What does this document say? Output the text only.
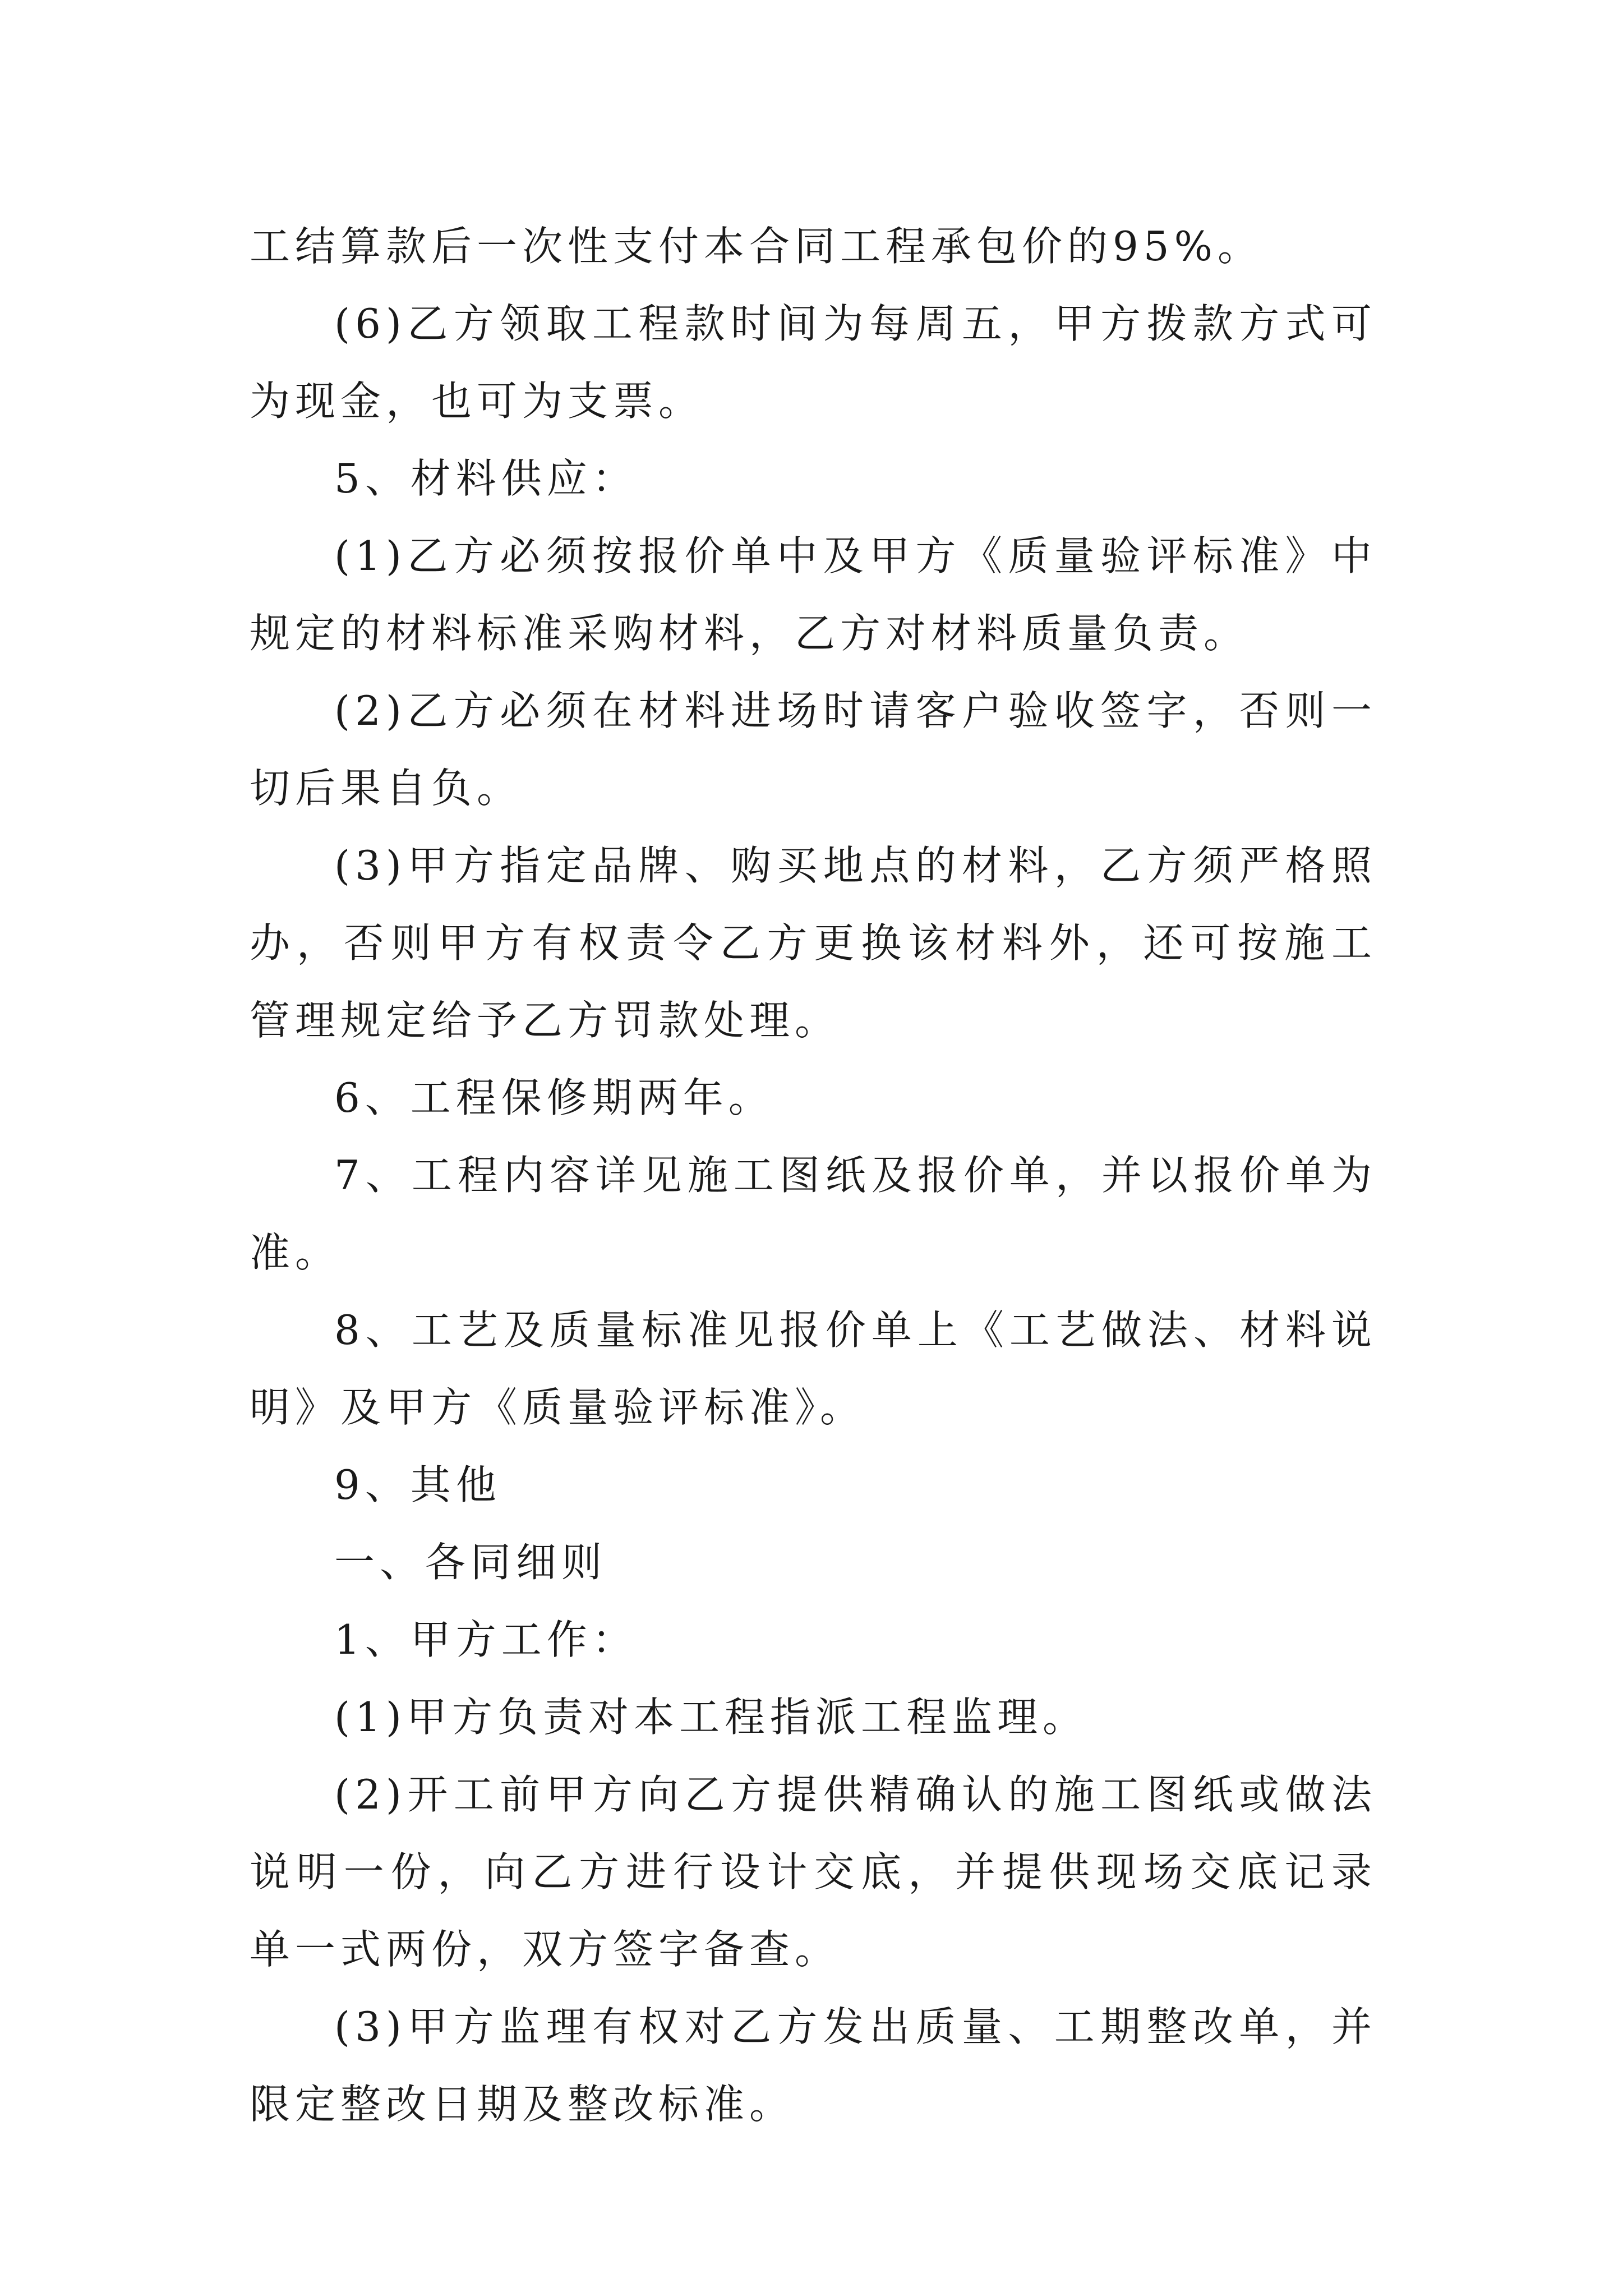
工结算款后一次性支付本合同工程承包价的95%。

(6)乙方领取工程款时间为每周五，甲方拨款方式可为现金，也可为支票。

5、材料供应：

(1)乙方必须按报价单中及甲方《质量验评标准》中规定的材料标准采购材料，乙方对材料质量负责。

(2)乙方必须在材料进场时请客户验收签字，否则一切后果自负。

(3)甲方指定品牌、购买地点的材料，乙方须严格照办，否则甲方有权责令乙方更换该材料外，还可按施工管理规定给予乙方罚款处理。

6、工程保修期两年。

7、工程内容详见施工图纸及报价单，并以报价单为准。

8、工艺及质量标准见报价单上《工艺做法、材料说明》及甲方《质量验评标准》。

9、其他

一、各同细则

1、甲方工作：

(1)甲方负责对本工程指派工程监理。

(2)开工前甲方向乙方提供精确认的施工图纸或做法说明一份，向乙方进行设计交底，并提供现场交底记录单一式两份，双方签字备查。

(3)甲方监理有权对乙方发出质量、工期整改单，并限定整改日期及整改标准。
